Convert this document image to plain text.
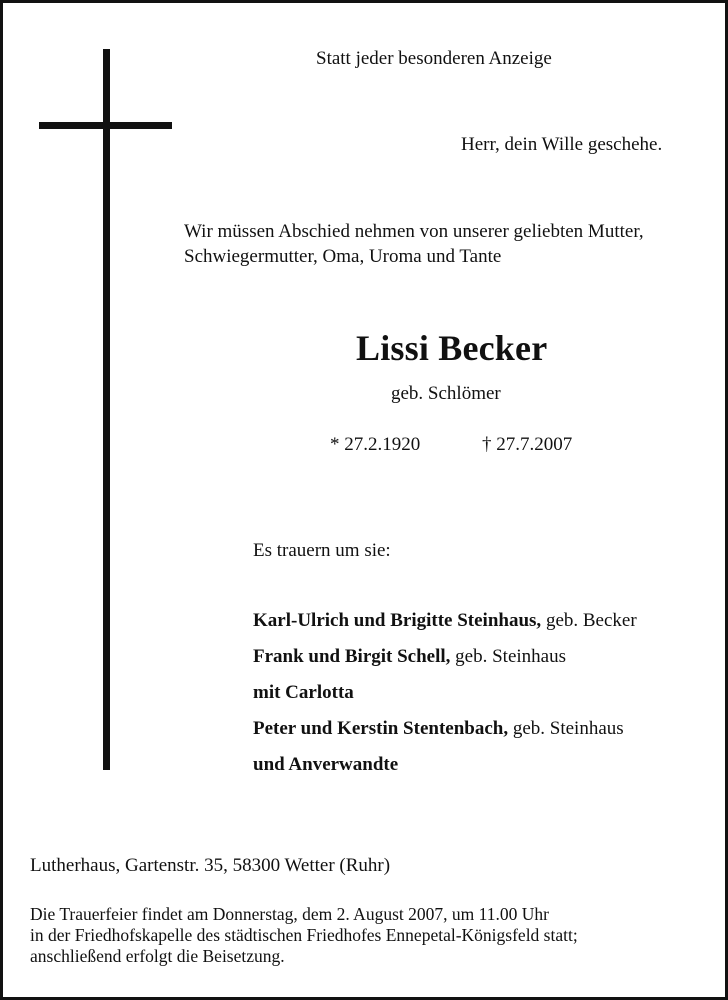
Statt jeder besonderen Anzeige

Herr, dein Wille geschehe.

Wir müssen Abschied nehmen von unserer geliebten Mutter,
Schwiegermutter, Oma, Uroma und Tante

Lissi Becker

geb. Schlömer

* 27.2.1920	† 27.7.2007

Es trauern um sie:

Karl-Ulrich und Brigitte Steinhaus, geb. Becker
Frank und Birgit Schell, geb. Steinhaus
mit Carlotta
Peter und Kerstin Stentenbach, geb. Steinhaus
und Anverwandte

Lutherhaus, Gartenstr. 35, 58300 Wetter (Ruhr)

Die Trauerfeier findet am Donnerstag, dem 2. August 2007, um 11.00 Uhr
in der Friedhofskapelle des städtischen Friedhofes Ennepetal-Königsfeld statt;
anschließend erfolgt die Beisetzung.
